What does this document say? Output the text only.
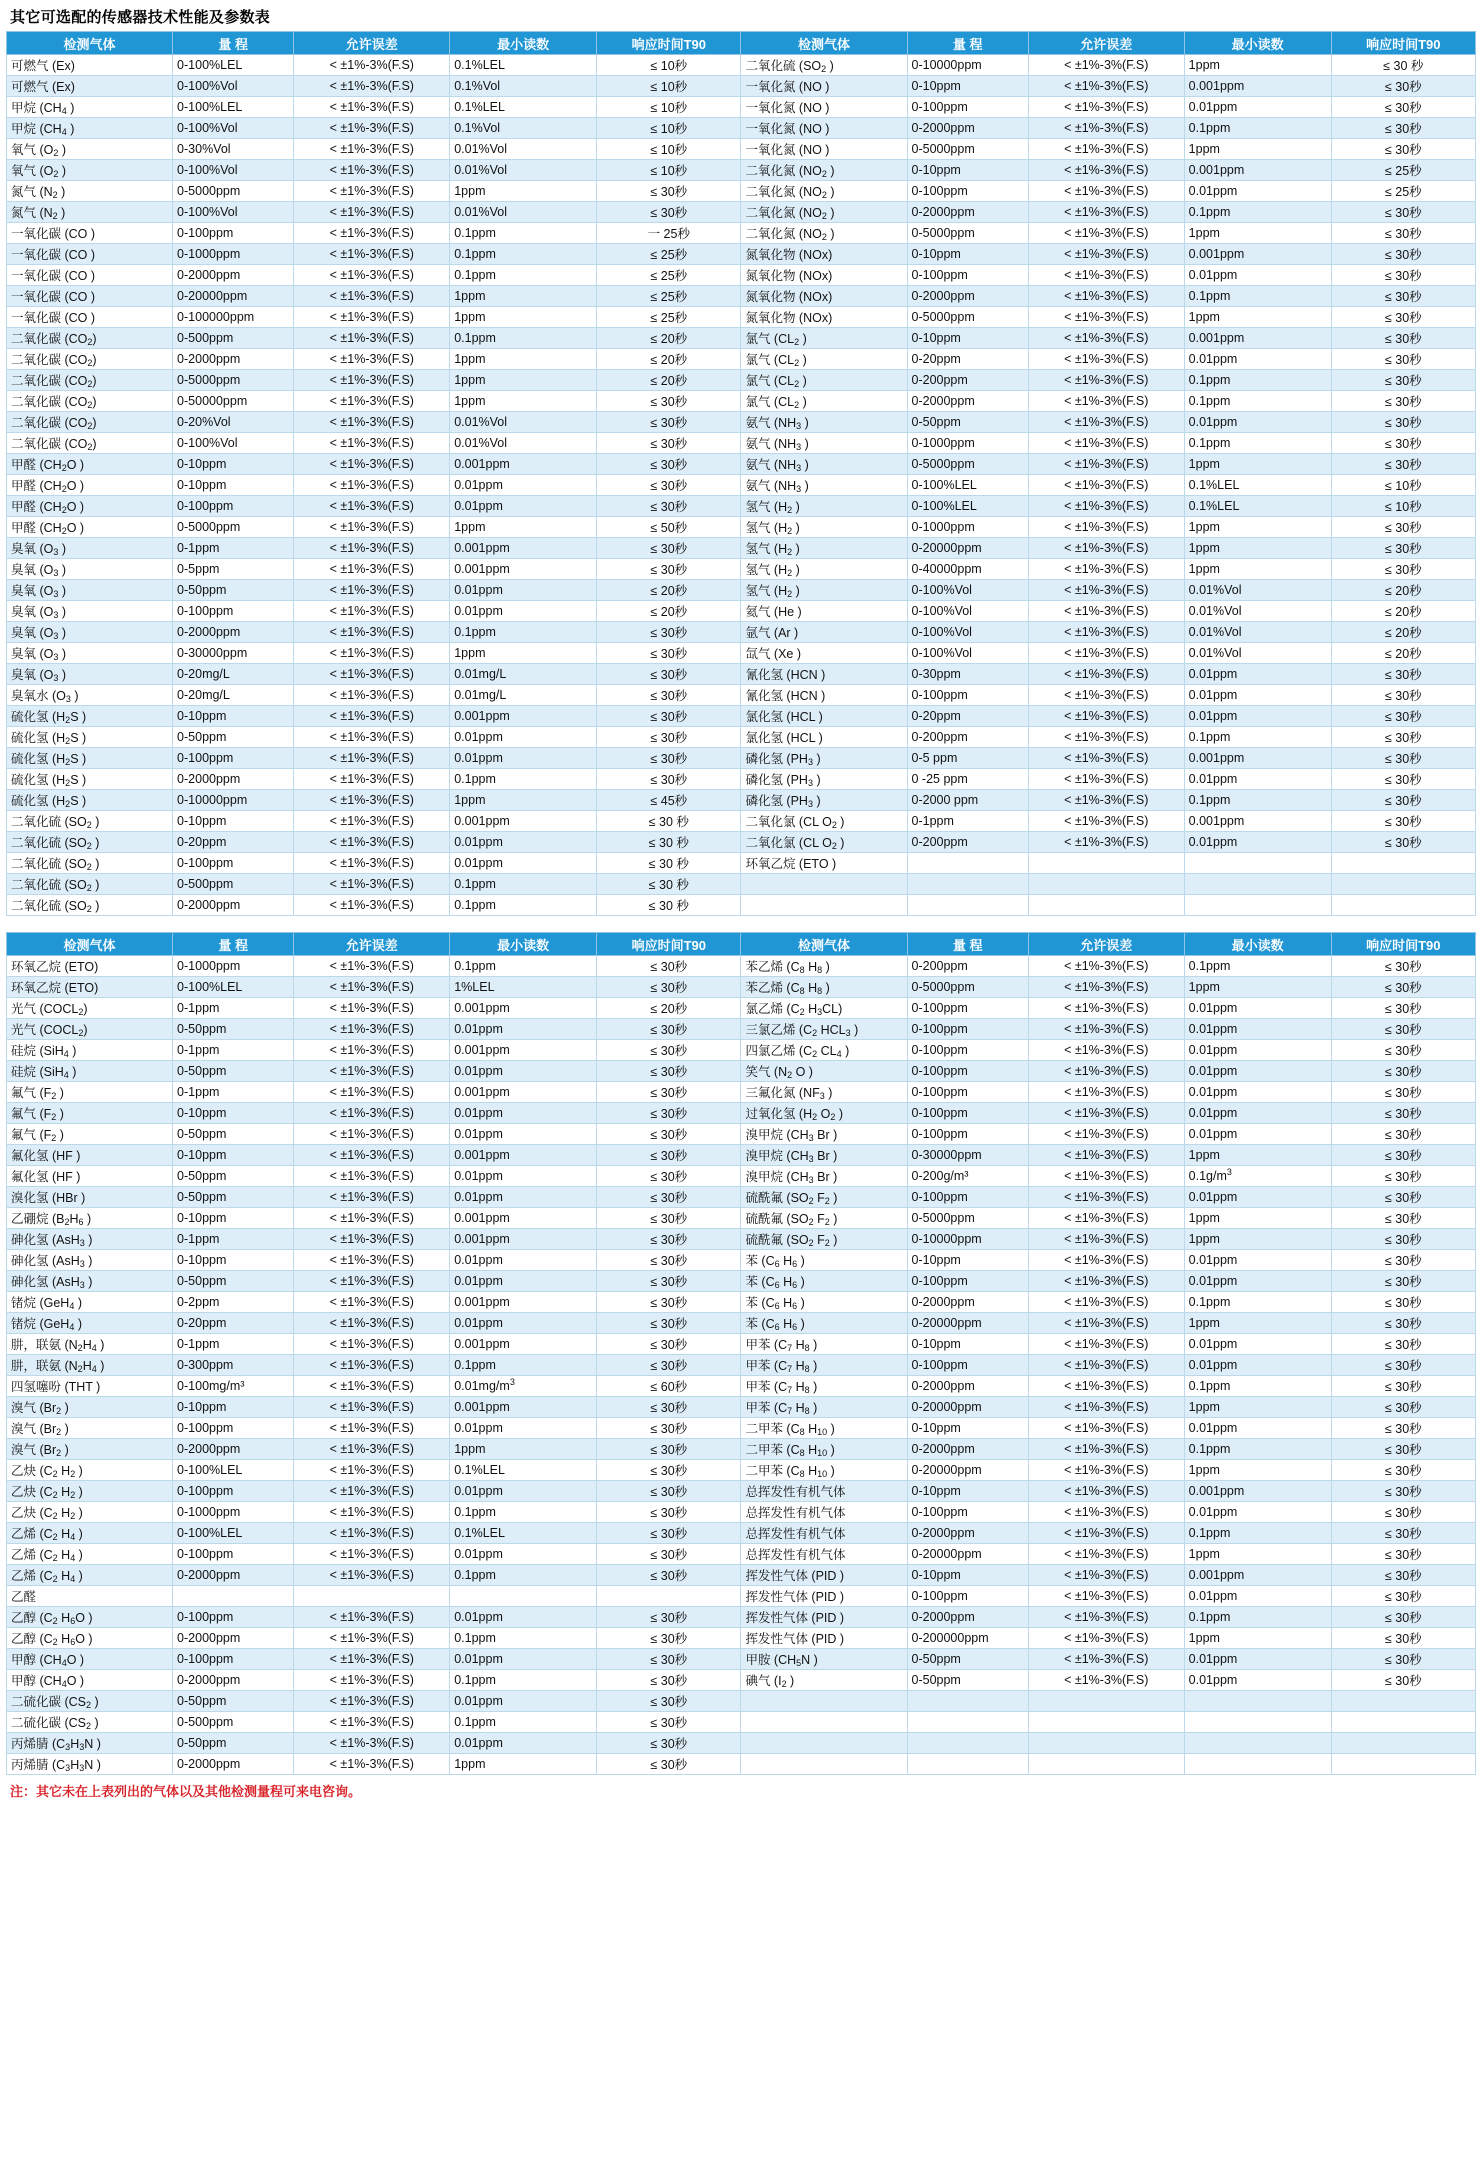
其它可选配的传感器技术性能及参数表
检测气体	量 程	允许误差	最小读数	响应时间T90	检测气体	量 程	允许误差	最小读数	响应时间T90
可燃气 (Ex)	0-100%LEL	< ±1%-3%(F.S)	0.1%LEL	≤ 10秒	二氧化硫 ($SO_2$ )	0-10000ppm	< ±1%-3%(F.S)	1ppm	≤ 30 秒
可燃气 (Ex)	0-100%Vol	< ±1%-3%(F.S)	0.1%Vol	≤ 10秒	一氧化氮 (NO )	0-10ppm	< ±1%-3%(F.S)	0.001ppm	≤ 30秒
甲烷 ($CH_4$ )	0-100%LEL	< ±1%-3%(F.S)	0.1%LEL	≤ 10秒	一氧化氮 (NO )	0-100ppm	< ±1%-3%(F.S)	0.01ppm	≤ 30秒
甲烷 ($CH_4$ )	0-100%Vol	< ±1%-3%(F.S)	0.1%Vol	≤ 10秒	一氧化氮 (NO )	0-2000ppm	< ±1%-3%(F.S)	0.1ppm	≤ 30秒
氧气 ($O_2$ )	0-30%Vol	< ±1%-3%(F.S)	0.01%Vol	≤ 10秒	一氧化氮 (NO )	0-5000ppm	< ±1%-3%(F.S)	1ppm	≤ 30秒
氧气 ($O_2$ )	0-100%Vol	< ±1%-3%(F.S)	0.01%Vol	≤ 10秒	二氧化氮 ($NO_2$ )	0-10ppm	< ±1%-3%(F.S)	0.001ppm	≤ 25秒
氮气 ($N_2$ )	0-5000ppm	< ±1%-3%(F.S)	1ppm	≤ 30秒	二氧化氮 ($NO_2$ )	0-100ppm	< ±1%-3%(F.S)	0.01ppm	≤ 25秒
氮气 ($N_2$ )	0-100%Vol	< ±1%-3%(F.S)	0.01%Vol	≤ 30秒	二氧化氮 ($NO_2$ )	0-2000ppm	< ±1%-3%(F.S)	0.1ppm	≤ 30秒
一氧化碳 (CO )	0-100ppm	< ±1%-3%(F.S)	0.1ppm	一 25秒	二氧化氮 ($NO_2$ )	0-5000ppm	< ±1%-3%(F.S)	1ppm	≤ 30秒
一氧化碳 (CO )	0-1000ppm	< ±1%-3%(F.S)	0.1ppm	≤ 25秒	氮氧化物 (NOx)	0-10ppm	< ±1%-3%(F.S)	0.001ppm	≤ 30秒
一氧化碳 (CO )	0-2000ppm	< ±1%-3%(F.S)	0.1ppm	≤ 25秒	氮氧化物 (NOx)	0-100ppm	< ±1%-3%(F.S)	0.01ppm	≤ 30秒
一氧化碳 (CO )	0-20000ppm	< ±1%-3%(F.S)	1ppm	≤ 25秒	氮氧化物 (NOx)	0-2000ppm	< ±1%-3%(F.S)	0.1ppm	≤ 30秒
一氧化碳 (CO )	0-100000ppm	< ±1%-3%(F.S)	1ppm	≤ 25秒	氮氧化物 (NOx)	0-5000ppm	< ±1%-3%(F.S)	1ppm	≤ 30秒
二氧化碳 $(CO_2)$	0-500ppm	< ±1%-3%(F.S)	0.1ppm	≤ 20秒	氯气 ($CL_2$ )	0-10ppm	< ±1%-3%(F.S)	0.001ppm	≤ 30秒
二氧化碳 $(CO_2)$	0-2000ppm	< ±1%-3%(F.S)	1ppm	≤ 20秒	氯气 ($CL_2$ )	0-20ppm	< ±1%-3%(F.S)	0.01ppm	≤ 30秒
二氧化碳 $(CO_2)$	0-5000ppm	< ±1%-3%(F.S)	1ppm	≤ 20秒	氯气 ($CL_2$ )	0-200ppm	< ±1%-3%(F.S)	0.1ppm	≤ 30秒
二氧化碳 $(CO_2)$	0-50000ppm	< ±1%-3%(F.S)	1ppm	≤ 30秒	氯气 ($CL_2$ )	0-2000ppm	< ±1%-3%(F.S)	0.1ppm	≤ 30秒
二氧化碳 $(CO_2)$	0-20%Vol	< ±1%-3%(F.S)	0.01%Vol	≤ 30秒	氨气 ($NH_3$ )	0-50ppm	< ±1%-3%(F.S)	0.01ppm	≤ 30秒
二氧化碳 $(CO_2)$	0-100%Vol	< ±1%-3%(F.S)	0.01%Vol	≤ 30秒	氨气 ($NH_3$ )	0-1000ppm	< ±1%-3%(F.S)	0.1ppm	≤ 30秒
甲醛 ($CH_2O$ )	0-10ppm	< ±1%-3%(F.S)	0.001ppm	≤ 30秒	氨气 ($NH_3$ )	0-5000ppm	< ±1%-3%(F.S)	1ppm	≤ 30秒
甲醛 ($CH_2O$ )	0-10ppm	< ±1%-3%(F.S)	0.01ppm	≤ 30秒	氨气 ($NH_3$ )	0-100%LEL	< ±1%-3%(F.S)	0.1%LEL	≤ 10秒
甲醛 ($CH_2O$ )	0-100ppm	< ±1%-3%(F.S)	0.01ppm	≤ 30秒	氢气 ($H_2$ )	0-100%LEL	< ±1%-3%(F.S)	0.1%LEL	≤ 10秒
甲醛 ($CH_2O$ )	0-5000ppm	< ±1%-3%(F.S)	1ppm	≤ 50秒	氢气 ($H_2$ )	0-1000ppm	< ±1%-3%(F.S)	1ppm	≤ 30秒
臭氧 ($O_3$ )	0-1ppm	< ±1%-3%(F.S)	0.001ppm	≤ 30秒	氢气 ($H_2$ )	0-20000ppm	< ±1%-3%(F.S)	1ppm	≤ 30秒
臭氧 ($O_3$ )	0-5ppm	< ±1%-3%(F.S)	0.001ppm	≤ 30秒	氢气 ($H_2$ )	0-40000ppm	< ±1%-3%(F.S)	1ppm	≤ 30秒
臭氧 ($O_3$ )	0-50ppm	< ±1%-3%(F.S)	0.01ppm	≤ 20秒	氢气 ($H_2$ )	0-100%Vol	< ±1%-3%(F.S)	0.01%Vol	≤ 20秒
臭氧 ($O_3$ )	0-100ppm	< ±1%-3%(F.S)	0.01ppm	≤ 20秒	氦气 (He )	0-100%Vol	< ±1%-3%(F.S)	0.01%Vol	≤ 20秒
臭氧 ($O_3$ )	0-2000ppm	< ±1%-3%(F.S)	0.1ppm	≤ 30秒	氩气 (Ar )	0-100%Vol	< ±1%-3%(F.S)	0.01%Vol	≤ 20秒
臭氧 ($O_3$ )	0-30000ppm	< ±1%-3%(F.S)	1ppm	≤ 30秒	氙气 (Xe )	0-100%Vol	< ±1%-3%(F.S)	0.01%Vol	≤ 20秒
臭氧 ($O_3$ )	0-20mg/L	< ±1%-3%(F.S)	0.01mg/L	≤ 30秒	氰化氢 (HCN )	0-30ppm	< ±1%-3%(F.S)	0.01ppm	≤ 30秒
臭氧水 ($O_3$ )	0-20mg/L	< ±1%-3%(F.S)	0.01mg/L	≤ 30秒	氰化氢 (HCN )	0-100ppm	< ±1%-3%(F.S)	0.01ppm	≤ 30秒
硫化氢 ($H_2S$ )	0-10ppm	< ±1%-3%(F.S)	0.001ppm	≤ 30秒	氯化氢 (HCL )	0-20ppm	< ±1%-3%(F.S)	0.01ppm	≤ 30秒
硫化氢 ($H_2S$ )	0-50ppm	< ±1%-3%(F.S)	0.01ppm	≤ 30秒	氯化氢 (HCL )	0-200ppm	< ±1%-3%(F.S)	0.1ppm	≤ 30秒
硫化氢 ($H_2S$ )	0-100ppm	< ±1%-3%(F.S)	0.01ppm	≤ 30秒	磷化氢 ($PH_3$ )	0-5 ppm	< ±1%-3%(F.S)	0.001ppm	≤ 30秒
硫化氢 ($H_2S$ )	0-2000ppm	< ±1%-3%(F.S)	0.1ppm	≤ 30秒	磷化氢 ($PH_3$ )	0 -25 ppm	< ±1%-3%(F.S)	0.01ppm	≤ 30秒
硫化氢 ($H_2S$ )	0-10000ppm	< ±1%-3%(F.S)	1ppm	≤ 45秒	磷化氢 ($PH_3$ )	0-2000 ppm	< ±1%-3%(F.S)	0.1ppm	≤ 30秒
二氧化硫 ($SO_2$ )	0-10ppm	< ±1%-3%(F.S)	0.001ppm	≤ 30 秒	二氧化氯 (CL $O_2$ )	0-1ppm	< ±1%-3%(F.S)	0.001ppm	≤ 30秒
二氧化硫 ($SO_2$ )	0-20ppm	< ±1%-3%(F.S)	0.01ppm	≤ 30 秒	二氧化氯 (CL $O_2$ )	0-200ppm	< ±1%-3%(F.S)	0.01ppm	≤ 30秒
二氧化硫 ($SO_2$ )	0-100ppm	< ±1%-3%(F.S)	0.01ppm	≤ 30 秒	环氧乙烷 (ETO )				
二氧化硫 ($SO_2$ )	0-500ppm	< ±1%-3%(F.S)	0.1ppm	≤ 30 秒					
二氧化硫 ($SO_2$ )	0-2000ppm	< ±1%-3%(F.S)	0.1ppm	≤ 30 秒					
检测气体	量 程	允许误差	最小读数	响应时间T90	检测气体	量 程	允许误差	最小读数	响应时间T90
环氧乙烷 (ETO)	0-1000ppm	< ±1%-3%(F.S)	0.1ppm	≤ 30秒	苯乙烯 ($C_8$ $H_8$ )	0-200ppm	< ±1%-3%(F.S)	0.1ppm	≤ 30秒
环氧乙烷 (ETO)	0-100%LEL	< ±1%-3%(F.S)	1%LEL	≤ 30秒	苯乙烯 ($C_8$ $H_8$ )	0-5000ppm	< ±1%-3%(F.S)	1ppm	≤ 30秒
光气 $(COCL_2)$	0-1ppm	< ±1%-3%(F.S)	0.001ppm	≤ 20秒	氯乙烯 ($C_2$ $H_3CL$)	0-100ppm	< ±1%-3%(F.S)	0.01ppm	≤ 30秒
光气 $(COCL_2)$	0-50ppm	< ±1%-3%(F.S)	0.01ppm	≤ 30秒	三氯乙烯 ($C_2$ $HCL_3$ )	0-100ppm	< ±1%-3%(F.S)	0.01ppm	≤ 30秒
硅烷 (SiH$_4$ )	0-1ppm	< ±1%-3%(F.S)	0.001ppm	≤ 30秒	四氯乙烯 ($C_2$ $CL_4$ )	0-100ppm	< ±1%-3%(F.S)	0.01ppm	≤ 30秒
硅烷 (SiH$_4$ )	0-50ppm	< ±1%-3%(F.S)	0.01ppm	≤ 30秒	笑气 ($N_2$ O )	0-100ppm	< ±1%-3%(F.S)	0.01ppm	≤ 30秒
氟气 ($F_2$ )	0-1ppm	< ±1%-3%(F.S)	0.001ppm	≤ 30秒	三氟化氮 ($NF_3$ )	0-100ppm	< ±1%-3%(F.S)	0.01ppm	≤ 30秒
氟气 ($F_2$ )	0-10ppm	< ±1%-3%(F.S)	0.01ppm	≤ 30秒	过氧化氢 ($H_2$ $O_2$ )	0-100ppm	< ±1%-3%(F.S)	0.01ppm	≤ 30秒
氟气 ($F_2$ )	0-50ppm	< ±1%-3%(F.S)	0.01ppm	≤ 30秒	溴甲烷 ($CH_3$ Br )	0-100ppm	< ±1%-3%(F.S)	0.01ppm	≤ 30秒
氟化氢 (HF )	0-10ppm	< ±1%-3%(F.S)	0.001ppm	≤ 30秒	溴甲烷 ($CH_3$ Br )	0-30000ppm	< ±1%-3%(F.S)	1ppm	≤ 30秒
氟化氢 (HF )	0-50ppm	< ±1%-3%(F.S)	0.01ppm	≤ 30秒	溴甲烷 ($CH_3$ Br )	0-200g/m³	< ±1%-3%(F.S)	$0.1g/m^3$	≤ 30秒
溴化氢 (HBr )	0-50ppm	< ±1%-3%(F.S)	0.01ppm	≤ 30秒	硫酰氟 ($SO_2$ $F_2$ )	0-100ppm	< ±1%-3%(F.S)	0.01ppm	≤ 30秒
乙硼烷 ($B_2H_6$ )	0-10ppm	< ±1%-3%(F.S)	0.001ppm	≤ 30秒	硫酰氟 ($SO_2$ $F_2$ )	0-5000ppm	< ±1%-3%(F.S)	1ppm	≤ 30秒
砷化氢 (AsH$_3$ )	0-1ppm	< ±1%-3%(F.S)	0.001ppm	≤ 30秒	硫酰氟 ($SO_2$ $F_2$ )	0-10000ppm	< ±1%-3%(F.S)	1ppm	≤ 30秒
砷化氢 (AsH$_3$ )	0-10ppm	< ±1%-3%(F.S)	0.01ppm	≤ 30秒	苯 ($C_6$ $H_6$ )	0-10ppm	< ±1%-3%(F.S)	0.01ppm	≤ 30秒
砷化氢 (AsH$_3$ )	0-50ppm	< ±1%-3%(F.S)	0.01ppm	≤ 30秒	苯 ($C_6$ $H_6$ )	0-100ppm	< ±1%-3%(F.S)	0.01ppm	≤ 30秒
锗烷 (GeH$_4$ )	0-2ppm	< ±1%-3%(F.S)	0.001ppm	≤ 30秒	苯 ($C_6$ $H_6$ )	0-2000ppm	< ±1%-3%(F.S)	0.1ppm	≤ 30秒
锗烷 (GeH$_4$ )	0-20ppm	< ±1%-3%(F.S)	0.01ppm	≤ 30秒	苯 ($C_6$ $H_6$ )	0-20000ppm	< ±1%-3%(F.S)	1ppm	≤ 30秒
肼，联氨 ($N_2H_4$ )	0-1ppm	< ±1%-3%(F.S)	0.001ppm	≤ 30秒	甲苯 ($C_7$ $H_8$ )	0-10ppm	< ±1%-3%(F.S)	0.01ppm	≤ 30秒
肼，联氨 ($N_2H_4$ )	0-300ppm	< ±1%-3%(F.S)	0.1ppm	≤ 30秒	甲苯 ($C_7$ $H_8$ )	0-100ppm	< ±1%-3%(F.S)	0.01ppm	≤ 30秒
四氢噻吩 (THT )	0-100mg/m³	< ±1%-3%(F.S)	$0.01mg/m^3$	≤ 60秒	甲苯 ($C_7$ $H_8$ )	0-2000ppm	< ±1%-3%(F.S)	0.1ppm	≤ 30秒
溴气 ($Br_2$ )	0-10ppm	< ±1%-3%(F.S)	0.001ppm	≤ 30秒	甲苯 ($C_7$ $H_8$ )	0-20000ppm	< ±1%-3%(F.S)	1ppm	≤ 30秒
溴气 ($Br_2$ )	0-100ppm	< ±1%-3%(F.S)	0.01ppm	≤ 30秒	二甲苯 ($C_8$ $H_{10}$ )	0-10ppm	< ±1%-3%(F.S)	0.01ppm	≤ 30秒
溴气 ($Br_2$ )	0-2000ppm	< ±1%-3%(F.S)	1ppm	≤ 30秒	二甲苯 ($C_8$ $H_{10}$ )	0-2000ppm	< ±1%-3%(F.S)	0.1ppm	≤ 30秒
乙炔 ($C_2$ $H_2$ )	0-100%LEL	< ±1%-3%(F.S)	0.1%LEL	≤ 30秒	二甲苯 ($C_8$ $H_{10}$ )	0-20000ppm	< ±1%-3%(F.S)	1ppm	≤ 30秒
乙炔 ($C_2$ $H_2$ )	0-100ppm	< ±1%-3%(F.S)	0.01ppm	≤ 30秒	总挥发性有机气体	0-10ppm	< ±1%-3%(F.S)	0.001ppm	≤ 30秒
乙炔 ($C_2$ $H_2$ )	0-1000ppm	< ±1%-3%(F.S)	0.1ppm	≤ 30秒	总挥发性有机气体	0-100ppm	< ±1%-3%(F.S)	0.01ppm	≤ 30秒
乙烯 ($C_2$ $H_4$ )	0-100%LEL	< ±1%-3%(F.S)	0.1%LEL	≤ 30秒	总挥发性有机气体	0-2000ppm	< ±1%-3%(F.S)	0.1ppm	≤ 30秒
乙烯 ($C_2$ $H_4$ )	0-100ppm	< ±1%-3%(F.S)	0.01ppm	≤ 30秒	总挥发性有机气体	0-20000ppm	< ±1%-3%(F.S)	1ppm	≤ 30秒
乙烯 ($C_2$ $H_4$ )	0-2000ppm	< ±1%-3%(F.S)	0.1ppm	≤ 30秒	挥发性气体 (PID )	0-10ppm	< ±1%-3%(F.S)	0.001ppm	≤ 30秒
乙醛					挥发性气体 (PID )	0-100ppm	< ±1%-3%(F.S)	0.01ppm	≤ 30秒
乙醇 ($C_2$ $H_6O$ )	0-100ppm	< ±1%-3%(F.S)	0.01ppm	≤ 30秒	挥发性气体 (PID )	0-2000ppm	< ±1%-3%(F.S)	0.1ppm	≤ 30秒
乙醇 ($C_2$ $H_6O$ )	0-2000ppm	< ±1%-3%(F.S)	0.1ppm	≤ 30秒	挥发性气体 (PID )	0-200000ppm	< ±1%-3%(F.S)	1ppm	≤ 30秒
甲醇 ($CH_4O$ )	0-100ppm	< ±1%-3%(F.S)	0.01ppm	≤ 30秒	甲胺 ($CH_5N$ )	0-50ppm	< ±1%-3%(F.S)	0.01ppm	≤ 30秒
甲醇 ($CH_4O$ )	0-2000ppm	< ±1%-3%(F.S)	0.1ppm	≤ 30秒	碘气 ($I_2$ )	0-50ppm	< ±1%-3%(F.S)	0.01ppm	≤ 30秒
二硫化碳 ($CS_2$ )	0-50ppm	< ±1%-3%(F.S)	0.01ppm	≤ 30秒					
二硫化碳 ($CS_2$ )	0-500ppm	< ±1%-3%(F.S)	0.1ppm	≤ 30秒					
丙烯腈 ($C_3H_3N$ )	0-50ppm	< ±1%-3%(F.S)	0.01ppm	≤ 30秒					
丙烯腈 ($C_3H_3N$ )	0-2000ppm	< ±1%-3%(F.S)	1ppm	≤ 30秒					
注：其它未在上表列出的气体以及其他检测量程可来电咨询。
